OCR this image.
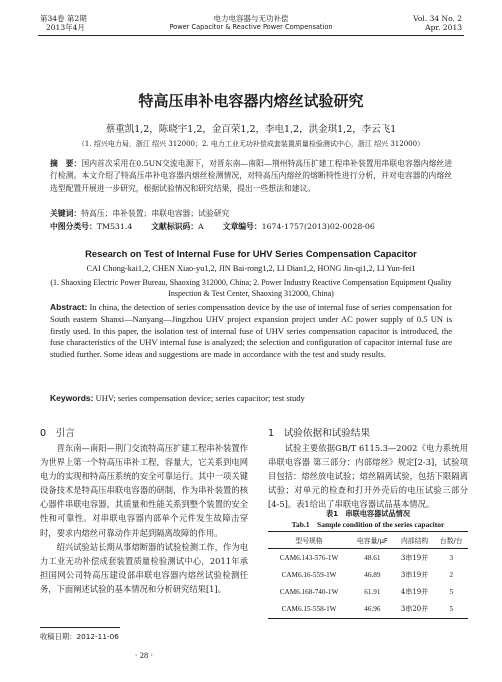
第34卷 第2期
2013年4月
电力电容器与无功补偿
Power Capacitor & Reactive Power Compensation
Vol. 34 No. 2
Apr. 2013
特高压串补电容器内熔丝试验研究
蔡重凯1,2，陈晓宇1,2，金百荣1,2，李电1,2，洪金琪1,2，李云飞1
（1. 绍兴电力局，浙江 绍兴 312000；2. 电力工业无功补偿成套装置质量检验测试中心，浙江 绍兴 312000）
摘　要：国内首次采用在0.5UN交流电源下，对晋东南—南阳—荆州特高压扩建工程串补装置用串联电容器内熔丝进行检测。本文介绍了特高压串补电容器内熔丝检测情况，对特高压内熔丝的熔断特性进行分析，并对电容器的内熔丝选型配置开展进一步研究，根据试验情况和研究结果，提出一些想法和建议。
关键词：特高压；串补装置；串联电容器；试验研究
中图分类号：TM531.4 文献标识码：A 文章编号：1674-1757(2013)02-0028-06
Research on Test of Internal Fuse for UHV Series Compensation Capacitor
CAI Chong-kai1,2, CHEN Xiao-yu1,2, JIN Bai-rong1,2, LI Dian1,2, HONG Jin-qi1,2, LI Yun-fei1
(1. Shaoxing Electric Power Bureau, Shaoxing 312000, China; 2. Power Industry Reactive Compensation Equipment Quality Inspection & Test Center, Shaoxing 312000, China)
Abstract: In china, the detection of series compensation device by the use of internal fuse of series compensation for South eastern Shanxi—Nanyang—Jingzhou UHV project expansion project under AC power supply of 0.5 UN is firstly used. In this paper, the isolation test of internal fuse of UHV series compensation capacitor is introduced, the fuse characteristics of the UHV internal fuse is analyzed; the selection and configuration of capacitor internal fuse are studied further. Some ideas and suggestions are made in accordance with the test and study results.
Keywords: UHV; series compensation device; series capacitor; test study
0　引言

晋东南—南阳—荆门交流特高压扩建工程串补装置作为世界上第一个特高压串补工程，容量大，它关系到电网电力的实现和特高压系统的安全可靠运行。其中一项关键设备技术是特高压串联电容器的研制，作为串补装置的核心器件串联电容器，其质量和性能关系到整个装置的安全性和可靠性。对串联电容器内部单个元件发生故障击穿时，要求内熔丝可靠动作并起到隔离故障的作用。

绍兴试验站长期从事熔断器的试验检测工作，作为电力工业无功补偿成套装置质量检验测试中心，2011年承担国网公司特高压建设部串联电容器内熔丝试验检测任务，下面阐述试验的基本情况和分析研究结果[1]。

1　试验依据和试验结果

试验主要依据GB/T 6115.3—2002《电力系统用串联电容器 第三部分：内部熔丝》规定[2-3]，试验项目包括：熔丝放电试验；熔丝隔离试验，包括下限隔离试验；对单元的检查和打开外壳后的电压试验三部分[4-5]。表1给出了串联电容器试品基本情况。

表1　串联电容器试品情况
Tab.1　Sample condition of the series capacitor
型号规格	电容量/μF	内部结构	台数/台
CAM6.143-576-1W	48.61	3串19并	3
CAM6.16-559-1W	46.89	3串19并	2
CAM6.168-740-1W	61.91	4串19并	5
CAM6.15-558-1W	46.96	3串20并	5
收稿日期：2012-11-06
· 28 ·
